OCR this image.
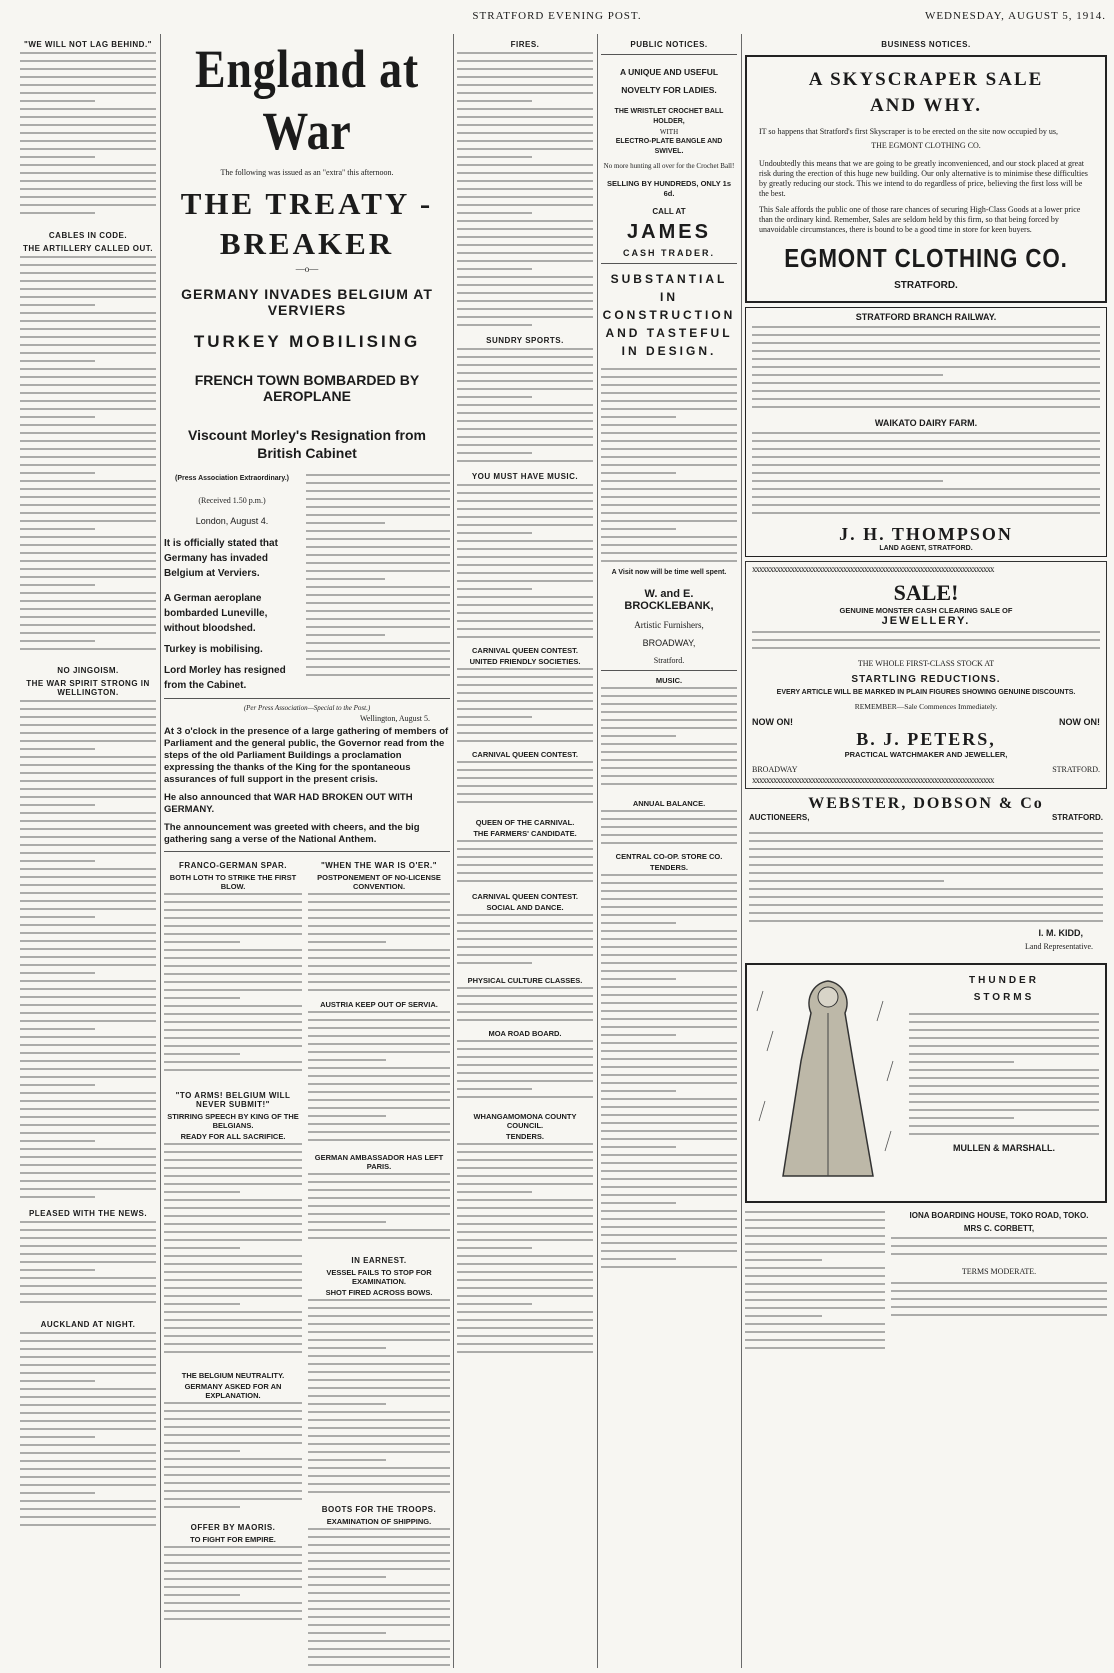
STRATFORD EVENING POST.	WEDNESDAY, AUGUST 5, 1914.
"WE WILL NOT LAG BEHIND."
CABLES IN CODE.
THE ARTILLERY CALLED OUT.
NO JINGOISM.
THE WAR SPIRIT STRONG IN WELLINGTON.
PLEASED WITH THE NEWS.
AUCKLAND AT NIGHT.
England at War
The following was issued as an "extra" this afternoon.
THE TREATY - BREAKER
—o—
GERMANY INVADES BELGIUM AT VERVIERS
TURKEY MOBILISING
FRENCH TOWN BOMBARDED BY AEROPLANE
Viscount Morley's Resignation from British Cabinet
(Press Association Extraordinary.)
(Received 1.50 p.m.)
London, August 4.
It is officially stated that Germany has invaded Belgium at Verviers.
A German aeroplane bombarded Luneville, without bloodshed.
Turkey is mobilising.
Lord Morley has resigned from the Cabinet.
(Per Press Association—Special to the Post.)
Wellington, August 5.
At 3 o'clock in the presence of a large gathering of members of Parliament and the general public, the Governor read from the steps of the old Parliament Buildings a proclamation expressing the thanks of the King for the spontaneous assurances of full support in the present crisis.
He also announced that WAR HAD BROKEN OUT WITH GERMANY.
The announcement was greeted with cheers, and the big gathering sang a verse of the National Anthem.
FRANCO-GERMAN SPAR.
BOTH LOTH TO STRIKE THE FIRST BLOW.
"TO ARMS! BELGIUM WILL NEVER SUBMIT!"
STIRRING SPEECH BY KING OF THE BELGIANS.
READY FOR ALL SACRIFICE.
THE BELGIUM NEUTRALITY.
GERMANY ASKED FOR AN EXPLANATION.
OFFER BY MAORIS.
TO FIGHT FOR EMPIRE.
"WHEN THE WAR IS O'ER."
POSTPONEMENT OF NO-LICENSE CONVENTION.
AUSTRIA KEEP OUT OF SERVIA.
GERMAN AMBASSADOR HAS LEFT PARIS.
IN EARNEST.
VESSEL FAILS TO STOP FOR EXAMINATION.
SHOT FIRED ACROSS BOWS.
BOOTS FOR THE TROOPS.
EXAMINATION OF SHIPPING.
FIRES.
SUNDRY SPORTS.
YOU MUST HAVE MUSIC.
CARNIVAL QUEEN CONTEST.
UNITED FRIENDLY SOCIETIES.
CARNIVAL QUEEN CONTEST.
QUEEN OF THE CARNIVAL.
THE FARMERS' CANDIDATE.
CARNIVAL QUEEN CONTEST.
SOCIAL AND DANCE.
PHYSICAL CULTURE CLASSES.
MOA ROAD BOARD.
WHANGAMOMONA COUNTY COUNCIL.
TENDERS.
PUBLIC NOTICES.
A UNIQUE AND USEFUL
NOVELTY FOR LADIES.
THE WRISTLET CROCHET BALL HOLDER,
WITH
ELECTRO-PLATE BANGLE AND SWIVEL.
No more hunting all over for the Crochet Ball!
SELLING BY HUNDREDS, ONLY 1s 6d.
CALL AT
JAMES
CASH TRADER.
SUBSTANTIAL IN CONSTRUCTION AND TASTEFUL IN DESIGN.
A Visit now will be time well spent.
W. and E. BROCKLEBANK,
Artistic Furnishers,
BROADWAY,
Stratford.
MUSIC.
ANNUAL BALANCE.
CENTRAL CO-OP. STORE CO.
TENDERS.
BUSINESS NOTICES.
A SKYSCRAPER SALE AND WHY.
IT so happens that Stratford's first Skyscraper is to be erected on the site now occupied by us,
THE EGMONT CLOTHING CO.
Undoubtedly this means that we are going to be greatly inconvenienced, and our stock placed at great risk during the erection of this huge new building. Our only alternative is to minimise these difficulties by greatly reducing our stock. This we intend to do regardless of price, believing the first loss will be the best.
This Sale affords the public one of those rare chances of securing High-Class Goods at a lower price than the ordinary kind. Remember, Sales are seldom held by this firm, so that being forced by unavoidable circumstances, there is bound to be a good time in store for keen buyers.
EGMONT CLOTHING CO.
STRATFORD.
STRATFORD BRANCH RAILWAY.
WAIKATO DAIRY FARM.
J. H. THOMPSON
LAND AGENT, STRATFORD.
xxxxxxxxxxxxxxxxxxxxxxxxxxxxxxxxxxxxxxxxxxxxxxxxxxxxxxxxxxxxxxxxxxxxx
SALE!
GENUINE MONSTER CASH CLEARING SALE OF
JEWELLERY.
THE WHOLE FIRST-CLASS STOCK AT
STARTLING REDUCTIONS.
EVERY ARTICLE WILL BE MARKED IN PLAIN FIGURES SHOWING GENUINE DISCOUNTS.
REMEMBER—Sale Commences Immediately.
NOW ON!	NOW ON!
B. J. PETERS,
PRACTICAL WATCHMAKER AND JEWELLER,
BROADWAY	STRATFORD.
xxxxxxxxxxxxxxxxxxxxxxxxxxxxxxxxxxxxxxxxxxxxxxxxxxxxxxxxxxxxxxxxxxxxx
WEBSTER, DOBSON & Co
AUCTIONEERS,	STRATFORD.
I. M. KIDD,
Land Representative.
THUNDER
STORMS
MULLEN & MARSHALL.
IONA BOARDING HOUSE, TOKO ROAD, TOKO.
MRS C. CORBETT,
TERMS MODERATE.
